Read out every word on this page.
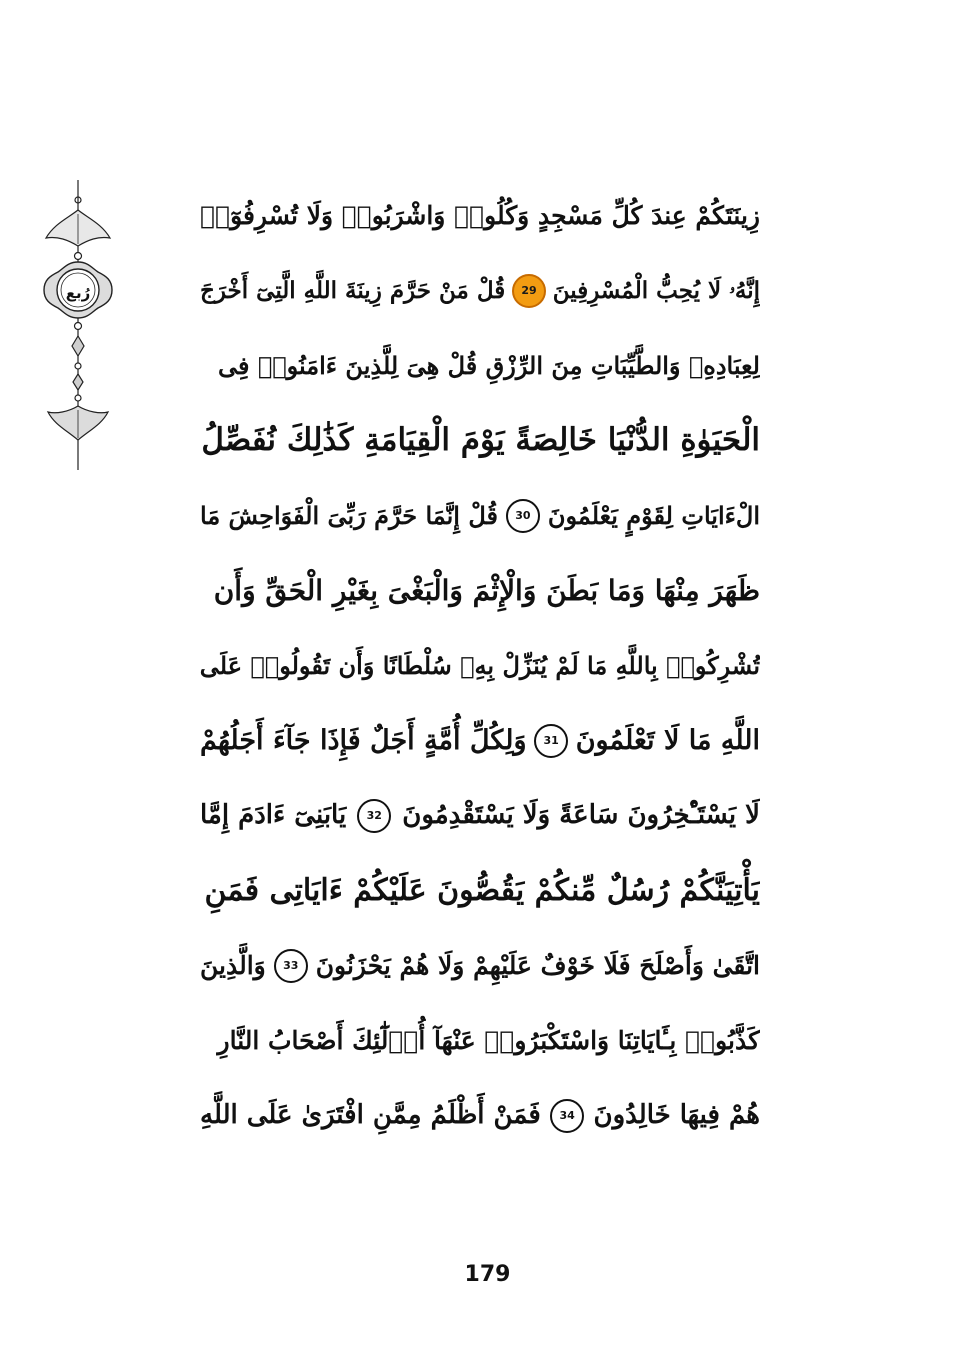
رُبع
زِينَتَكُمْ عِندَ كُلِّ مَسْجِدٍ وَكُلُوا۟ وَاشْرَبُوا۟ وَلَا تُسْرِفُوٓا۟
إِنَّهُۥ لَا يُحِبُّ الْمُسْرِفِينَ
29
قُلْ مَنْ حَرَّمَ زِينَةَ اللَّهِ الَّتِىٓ أَخْرَجَ
لِعِبَادِهِۦ وَالطَّيِّبَاتِ مِنَ الرِّزْقِ قُلْ هِىَ لِلَّذِينَ ءَامَنُوا۟ فِى
الْحَيَوٰةِ الدُّنْيَا خَالِصَةً يَوْمَ الْقِيَامَةِ كَذَٰلِكَ نُفَصِّلُ
الْءَايَاتِ لِقَوْمٍ يَعْلَمُونَ
30
قُلْ إِنَّمَا حَرَّمَ رَبِّىَ الْفَوَاحِشَ مَا
ظَهَرَ مِنْهَا وَمَا بَطَنَ وَالْإِثْمَ وَالْبَغْىَ بِغَيْرِ الْحَقِّ وَأَن
تُشْرِكُوا۟ بِاللَّهِ مَا لَمْ يُنَزِّلْ بِهِۦ سُلْطَانًا وَأَن تَقُولُوا۟ عَلَى
اللَّهِ مَا لَا تَعْلَمُونَ
31
وَلِكُلِّ أُمَّةٍ أَجَلٌ فَإِذَا جَآءَ أَجَلُهُمْ
لَا يَسْتَـْٔخِرُونَ سَاعَةً وَلَا يَسْتَقْدِمُونَ
32
يَابَنِىٓ ءَادَمَ إِمَّا
يَأْتِيَنَّكُمْ رُسُلٌ مِّنكُمْ يَقُصُّونَ عَلَيْكُمْ ءَايَاتِى فَمَنِ
اتَّقَىٰ وَأَصْلَحَ فَلَا خَوْفٌ عَلَيْهِمْ وَلَا هُمْ يَحْزَنُونَ
33
وَالَّذِينَ
كَذَّبُوا۟ بِـَٔايَاتِنَا وَاسْتَكْبَرُوا۟ عَنْهَآ أُو۟لَٰٓئِكَ أَصْحَابُ النَّارِ
هُمْ فِيهَا خَالِدُونَ
34
فَمَنْ أَظْلَمُ مِمَّنِ افْتَرَىٰ عَلَى اللَّهِ
179
